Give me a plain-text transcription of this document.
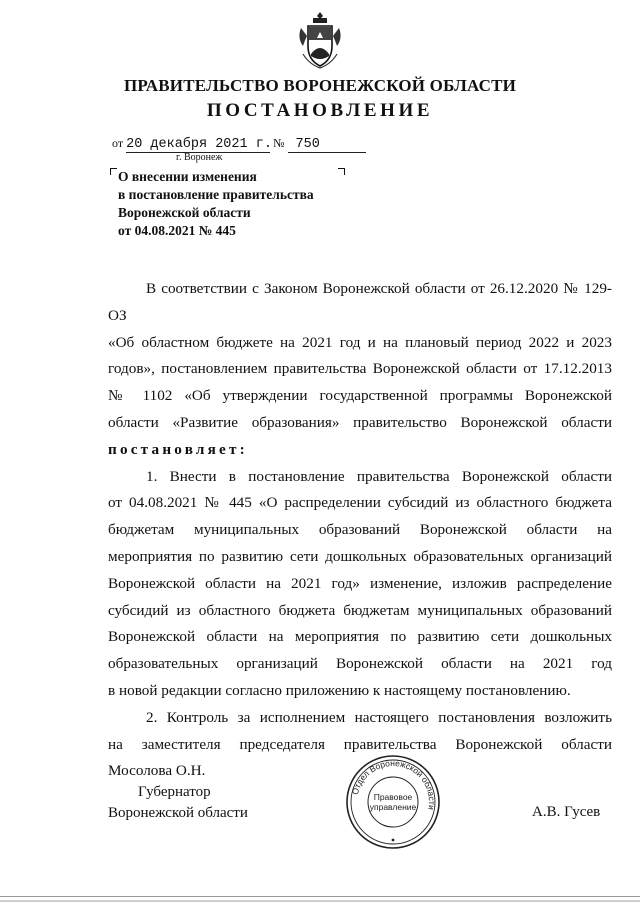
ПРАВИТЕЛЬСТВО ВОРОНЕЖСКОЙ ОБЛАСТИ
ПОСТАНОВЛЕНИЕ
от 20 декабря 2021 г. № 750
г. Воронеж
О внесении изменения
в постановление правительства
Воронежской области
от 04.08.2021 № 445

В соответствии с Законом Воронежской области от 26.12.2020 № 129-ОЗ

«Об областном бюджете на 2021 год и на плановый период 2022 и 2023

годов», постановлением правительства Воронежской области от 17.12.2013

№ 1102 «Об утверждении государственной программы Воронежской

области «Развитие образования» правительство Воронежской области

постановляет:

1. Внести в постановление правительства Воронежской области

от 04.08.2021 № 445 «О распределении субсидий из областного бюджета

бюджетам муниципальных образований Воронежской области на

мероприятия по развитию сети дошкольных образовательных организаций

Воронежской области на 2021 год» изменение, изложив распределение

субсидий из областного бюджета бюджетам муниципальных образований

Воронежской области на мероприятия по развитию сети дошкольных

образовательных организаций Воронежской области на 2021 год

в новой редакции согласно приложению к настоящему постановлению.

2. Контроль за исполнением настоящего постановления возложить

на заместителя председателя правительства Воронежской области

Мосолова О.Н.

Губернатор
Воронежской области
Отдел Воронежской области
Правовое
управление	А.В. Гусев
